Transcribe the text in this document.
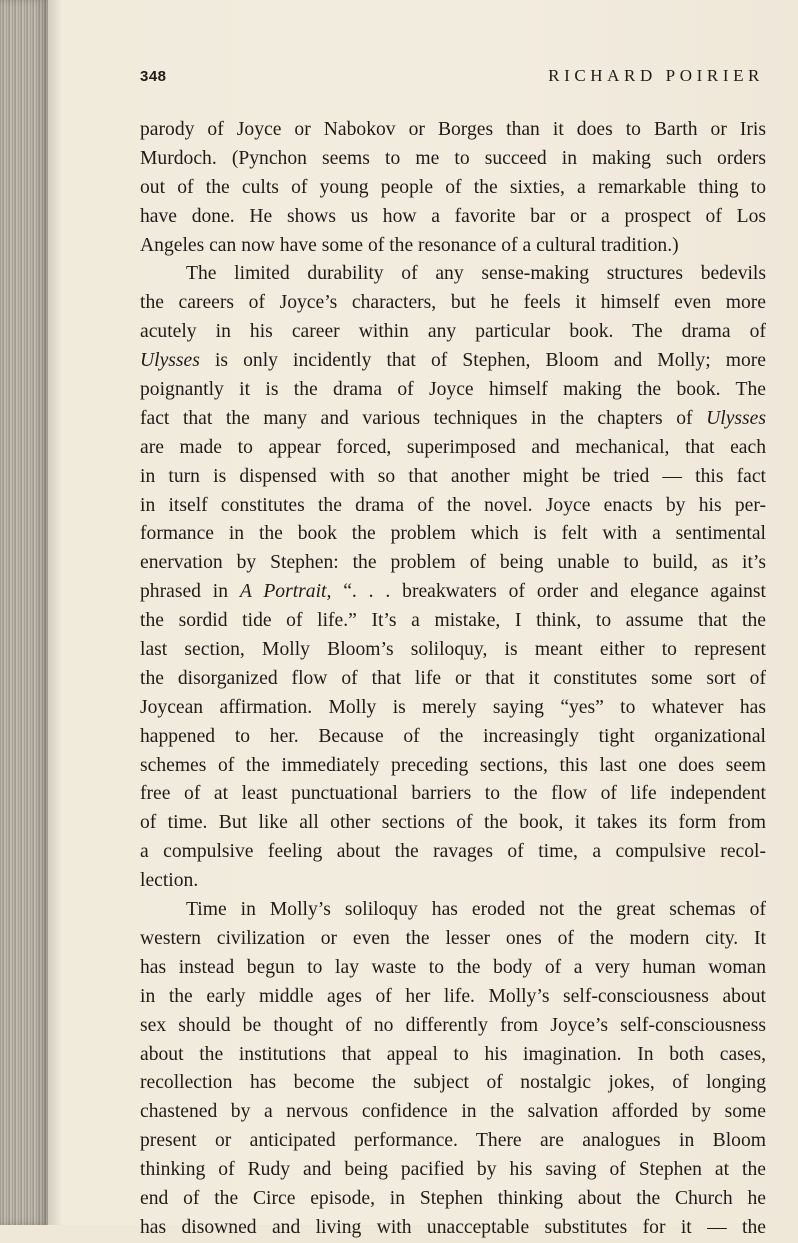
348	RICHARD POIRIER
parody of Joyce or Nabokov or Borges than it does to Barth or Iris
Murdoch. (Pynchon seems to me to succeed in making such orders
out of the cults of young people of the sixties, a remarkable thing to
have done. He shows us how a favorite bar or a prospect of Los
Angeles can now have some of the resonance of a cultural tradition.)
The limited durability of any sense-making structures bedevils
the careers of Joyce’s characters, but he feels it himself even more
acutely in his career within any particular book. The drama of
Ulysses is only incidently that of Stephen, Bloom and Molly; more
poignantly it is the drama of Joyce himself making the book. The
fact that the many and various techniques in the chapters of Ulysses
are made to appear forced, superimposed and mechanical, that each
in turn is dispensed with so that another might be tried — this fact
in itself constitutes the drama of the novel. Joyce enacts by his per-
formance in the book the problem which is felt with a sentimental
enervation by Stephen: the problem of being unable to build, as it’s
phrased in A Portrait, “. . . breakwaters of order and elegance against
the sordid tide of life.” It’s a mistake, I think, to assume that the
last section, Molly Bloom’s soliloquy, is meant either to represent
the disorganized flow of that life or that it constitutes some sort of
Joycean affirmation. Molly is merely saying “yes” to whatever has
happened to her. Because of the increasingly tight organizational
schemes of the immediately preceding sections, this last one does seem
free of at least punctuational barriers to the flow of life independent
of time. But like all other sections of the book, it takes its form from
a compulsive feeling about the ravages of time, a compulsive recol-
lection.
Time in Molly’s soliloquy has eroded not the great schemas of
western civilization or even the lesser ones of the modern city. It
has instead begun to lay waste to the body of a very human woman
in the early middle ages of her life. Molly’s self-consciousness about
sex should be thought of no differently from Joyce’s self-consciousness
about the institutions that appeal to his imagination. In both cases,
recollection has become the subject of nostalgic jokes, of longing
chastened by a nervous confidence in the salvation afforded by some
present or anticipated performance. There are analogues in Bloom
thinking of Rudy and being pacified by his saving of Stephen at the
end of the Circe episode, in Stephen thinking about the Church he
has disowned and living with unacceptable substitutes for it — the
